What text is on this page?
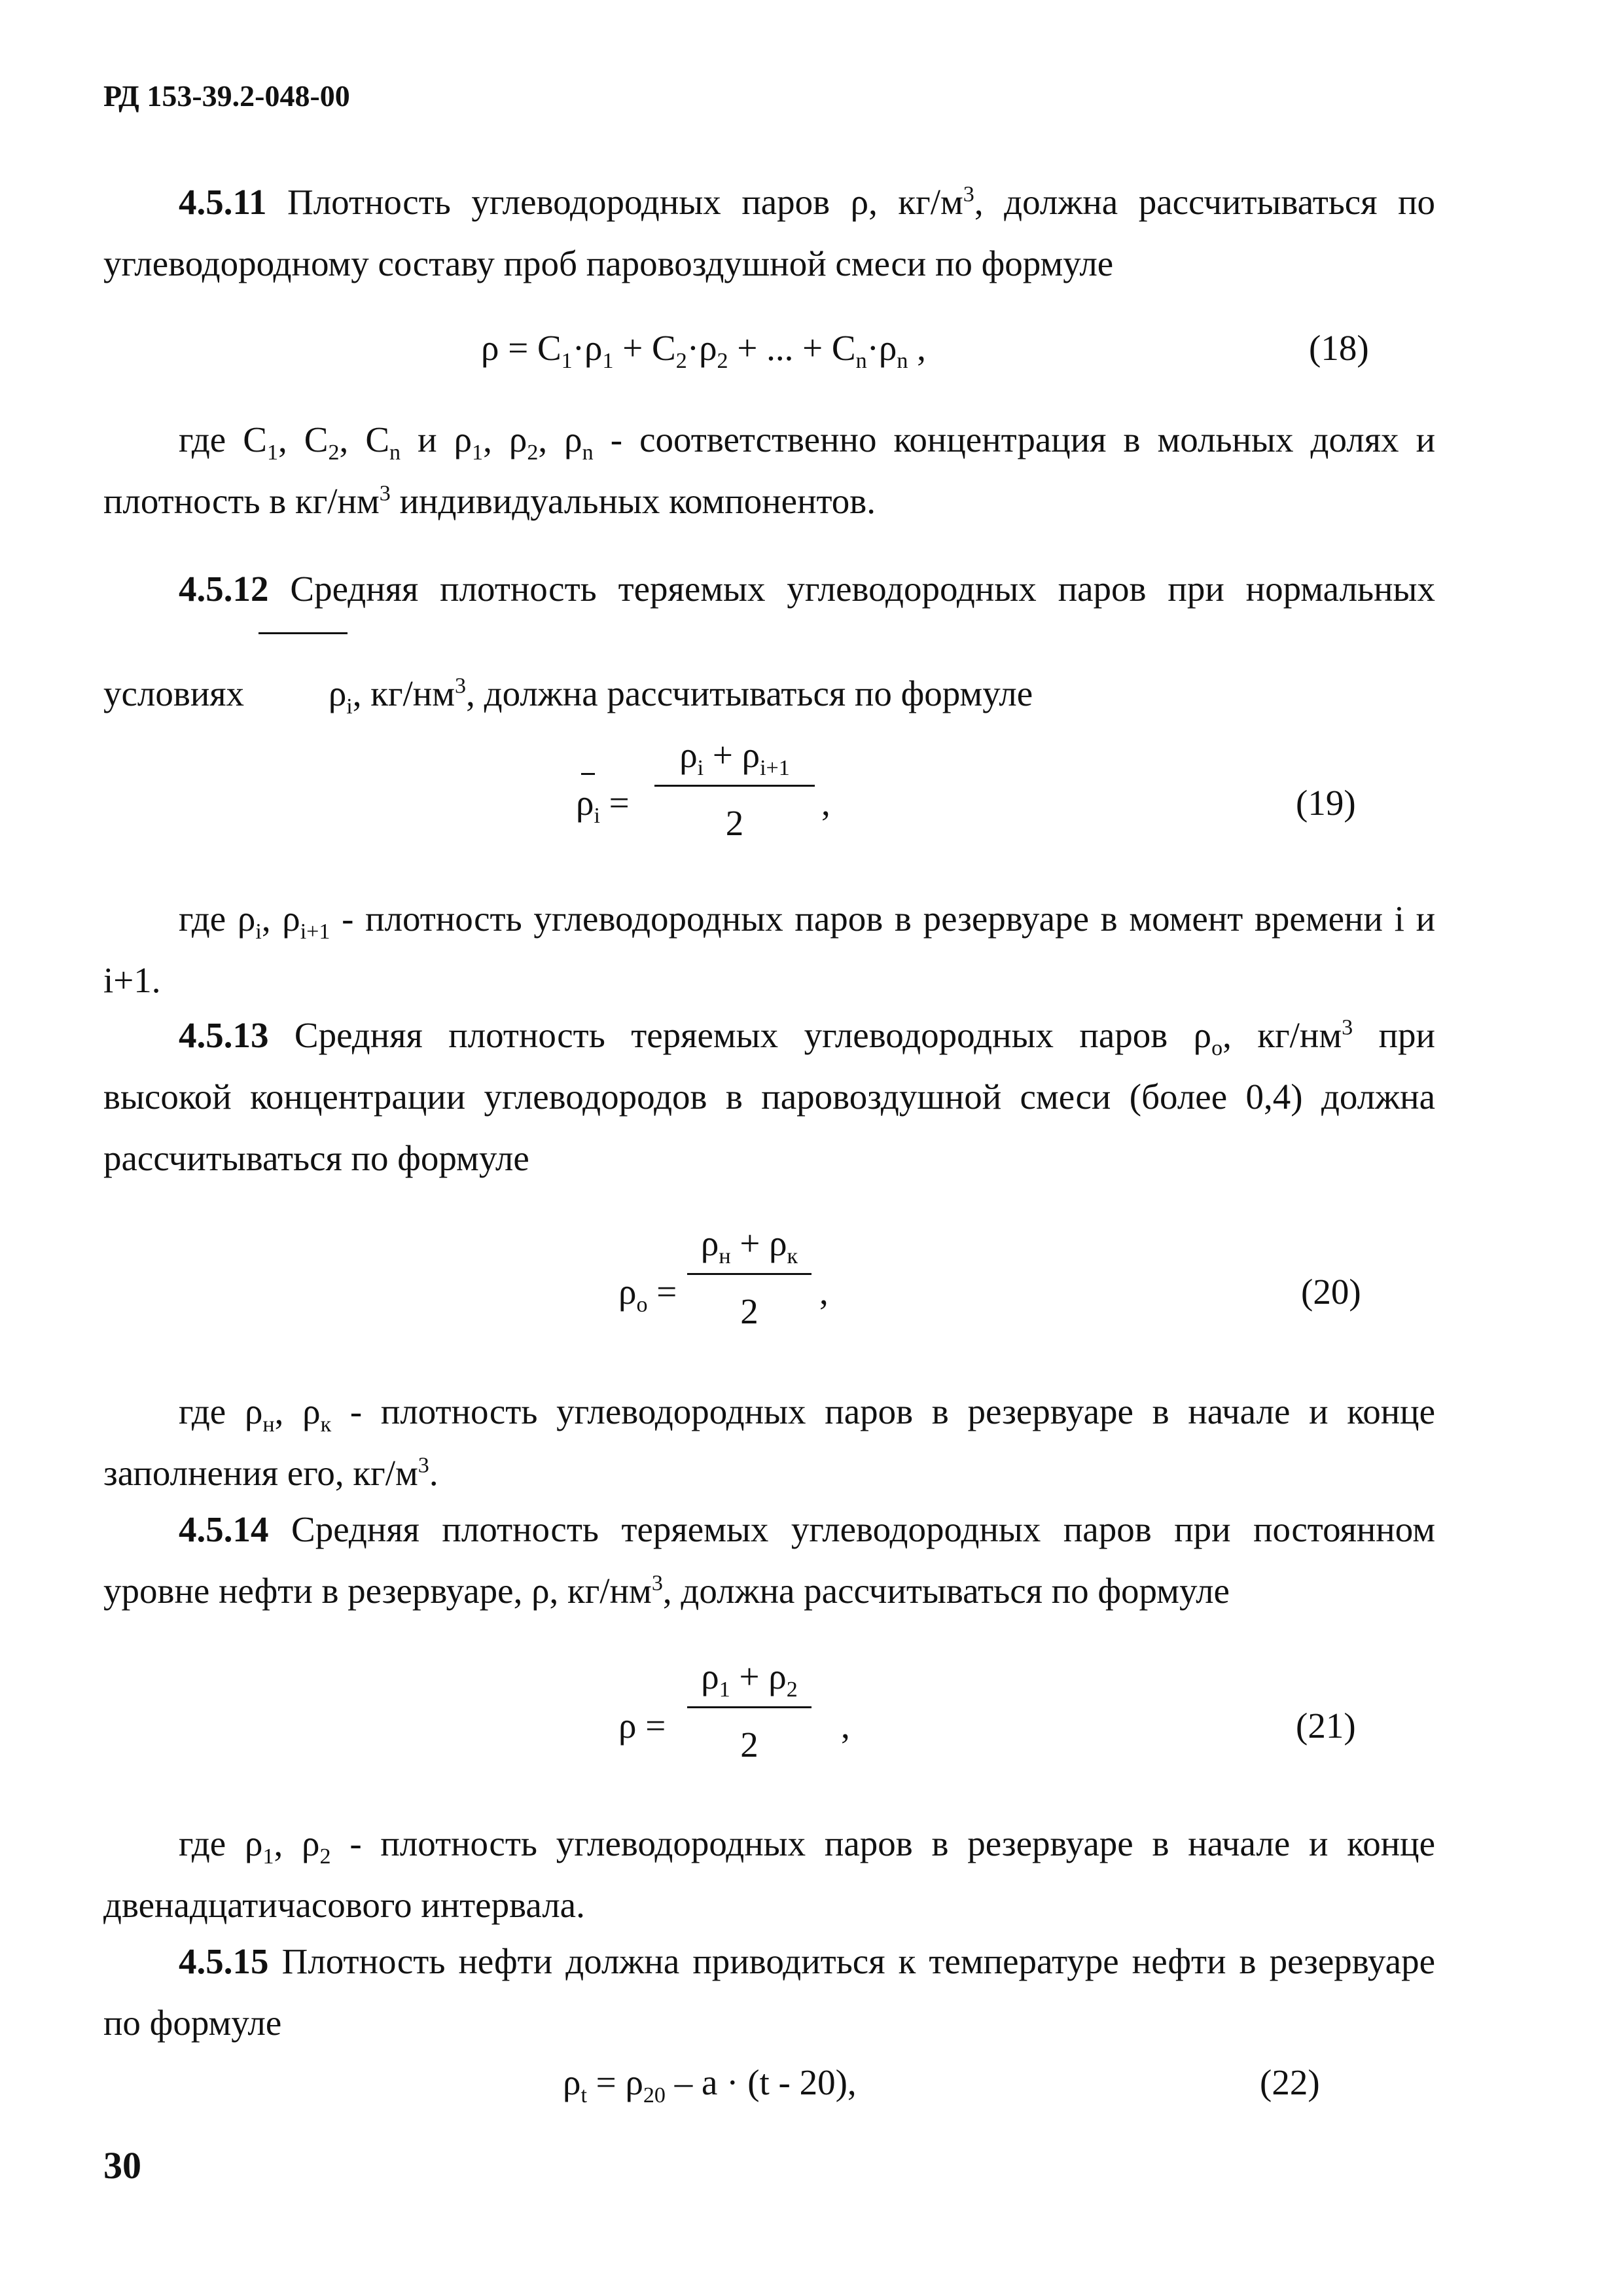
РД 153-39.2-048-00
4.5.11 Плотность углеводородных паров ρ, $кг/м^3$, должна рассчитываться по углеводородному составу проб паровоздушной смеси по формуле
$\rho = C_1\cdot\rho_1 + C_2\cdot\rho_2$ + ... + $C_n\cdot\rho_n$ ,	(18)
где $C_1$, $C_2$, $C_n$ и $\rho_1$, $\rho_2$, $\rho_n$ - соответственно концентрация в мольных долях и плотность в $кг/нм^3$ индивидуальных компонентов.
4.5.12 Средняя плотность теряемых углеводородных паров при нормальных условиях $\rho_i$, $кг/нм^3$, должна рассчитываться по формуле
$\rho_i$ =
$\rho_i + \rho_{i+1}$
2
,	(19)
где $\rho_i$, $\rho_{i+1}$ - плотность углеводородных паров в резервуаре в момент времени i и i+1.
4.5.13 Средняя плотность теряемых углеводородных паров $\rho_о$, $кг/нм^3$ при высокой концентрации углеводородов в паровоздушной смеси (более 0,4) должна рассчитываться по формуле
$\rho_о$ =
$\rho_н + \rho_к$
2	,	(20)
где $\rho_н$, $\rho_к$ - плотность углеводородных паров в резервуаре в начале и конце заполнения его, $кг/м^3$.
4.5.14 Средняя плотность теряемых углеводородных паров при постоянном уровне нефти в резервуаре, ρ, $кг/нм^3$, должна рассчитываться по формуле
ρ =
$\rho_1 + \rho_2$
2	,	(21)
где $\rho_1$, $\rho_2$ - плотность углеводородных паров в резервуаре в начале и конце двенадцатичасового интервала.
4.5.15 Плотность нефти должна приводиться к температуре нефти в резервуаре по формуле
$\rho_t = \rho_{20} - a \cdot (t - 20)$,	(22)
30
